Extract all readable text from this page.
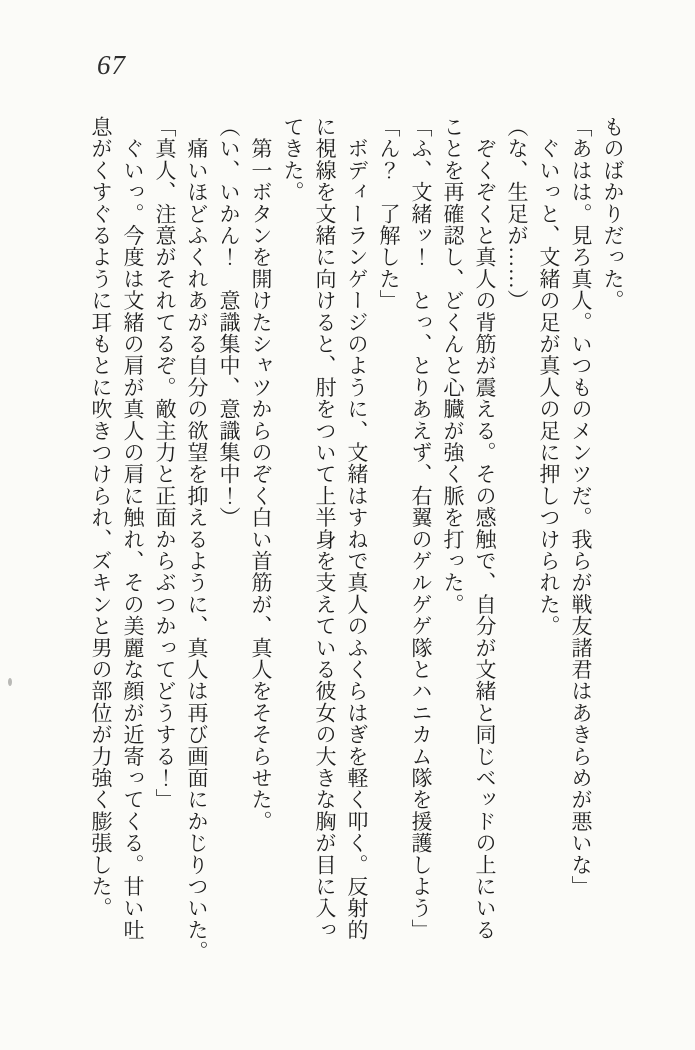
67
ものばかりだった。
「あはは。見ろ真人。いつものメンツだ。我らが戦友諸君はあきらめが悪いな」
　ぐいっと、文緒の足が真人の足に押しつけられた。
（な、生足が……）
　ぞくぞくと真人の背筋が震える。その感触で、自分が文緒と同じベッドの上にいる
ことを再確認し、どくんと心臓が強く脈を打った。
「ふ、文緒ッ！　とっ、とりあえず、右翼のゲルゲゲ隊とハニカム隊を援護しよう」
「ん？　了解した」
　ボディーランゲージのように、文緒はすねで真人のふくらはぎを軽く叩く。反射的
に視線を文緒に向けると、肘をついて上半身を支えている彼女の大きな胸が目に入っ
てきた。
　第一ボタンを開けたシャツからのぞく白い首筋が、真人をそそらせた。
（い、いかん！　意識集中、意識集中！）
　痛いほどふくれあがる自分の欲望を抑えるように、真人は再び画面にかじりついた。
「真人、注意がそれてるぞ。敵主力と正面からぶつかってどうする！」
　ぐいっ。今度は文緒の肩が真人の肩に触れ、その美麗な顔が近寄ってくる。甘い吐
息がくすぐるように耳もとに吹きつけられ、ズキンと男の部位が力強く膨張した。
